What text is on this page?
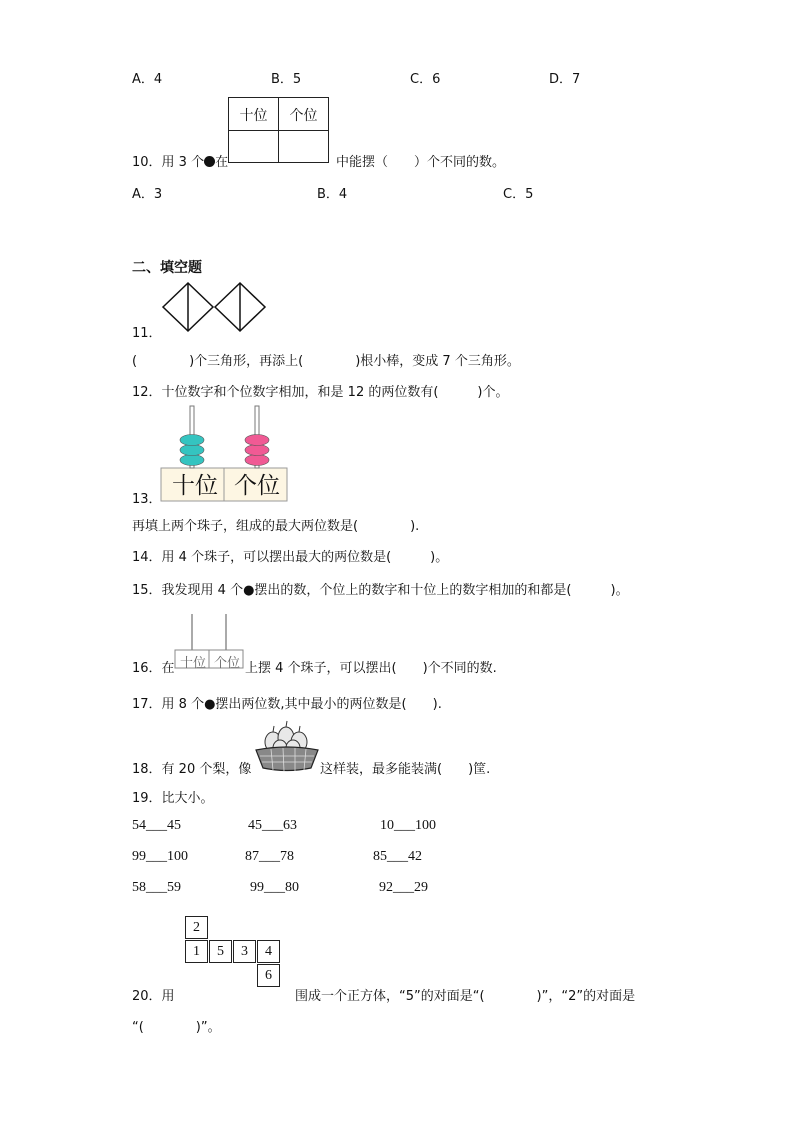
A．4	B．5	C．6	D．7
十位	个位
10．用 3 个 在	中能摆（　　）个不同的数。
A．3	B．4	C．5
二、填空题
11．
(　　　　)个三角形，再添上(　　　　)根小棒，变成 7 个三角形。
12．十位数字和个位数字相加，和是 12 的两位数有(　　　)个。
十位 个位
13．
再填上两个珠子，组成的最大两位数是(　　　　).
14．用 4 个珠子，可以摆出最大的两位数是(　　　)。
15．我发现用 4 个●摆出的数，个位上的数字和十位上的数字相加的和都是(　　　)。
十位 个位
16．在	上摆 4 个珠子，可以摆出(　　)个不同的数.
17．用 8 个●摆出两位数,其中最小的两位数是(　　).
18．有 20 个梨，像	这样装，最多能装满(　　)筐.
19．比大小。
54___45	45___63	10___100
99___100	87___78	85___42
58___59	99___80	92___29
2
1	5	3	4
6
20．用	围成一个正方体，“5”的对面是“(　　　　)”，“2”的对面是
“(　　　　)”。
